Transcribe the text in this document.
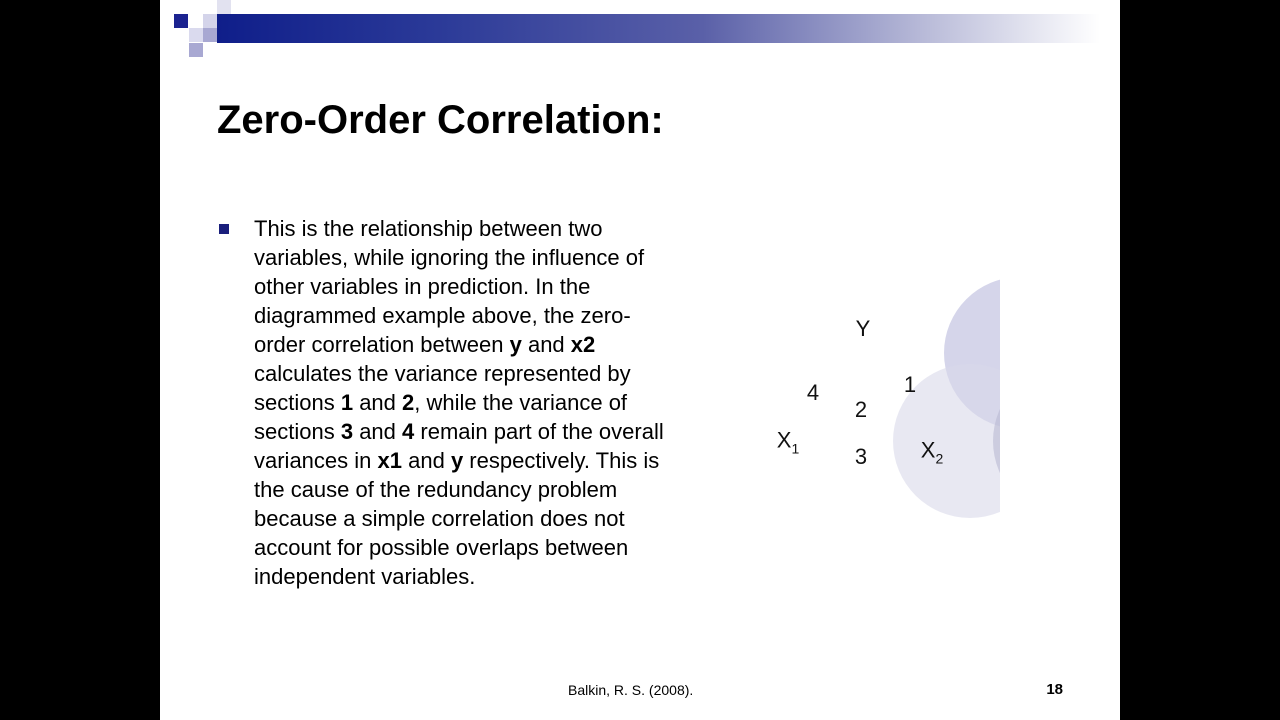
Zero-Order Correlation:
This is the relationship between two
variables, while ignoring the influence of
other variables in prediction. In the
diagrammed example above, the zero-
order correlation between y and x2
calculates the variance represented by
sections 1 and 2, while the variance of
sections 3 and 4 remain part of the overall
variances in x1 and y respectively. This is
the cause of the redundancy problem
because a simple correlation does not
account for possible overlaps between
independent variables.
Y
$X_1$	$X_2$
1
2
3
4
Balkin, R. S. (2008).	18
